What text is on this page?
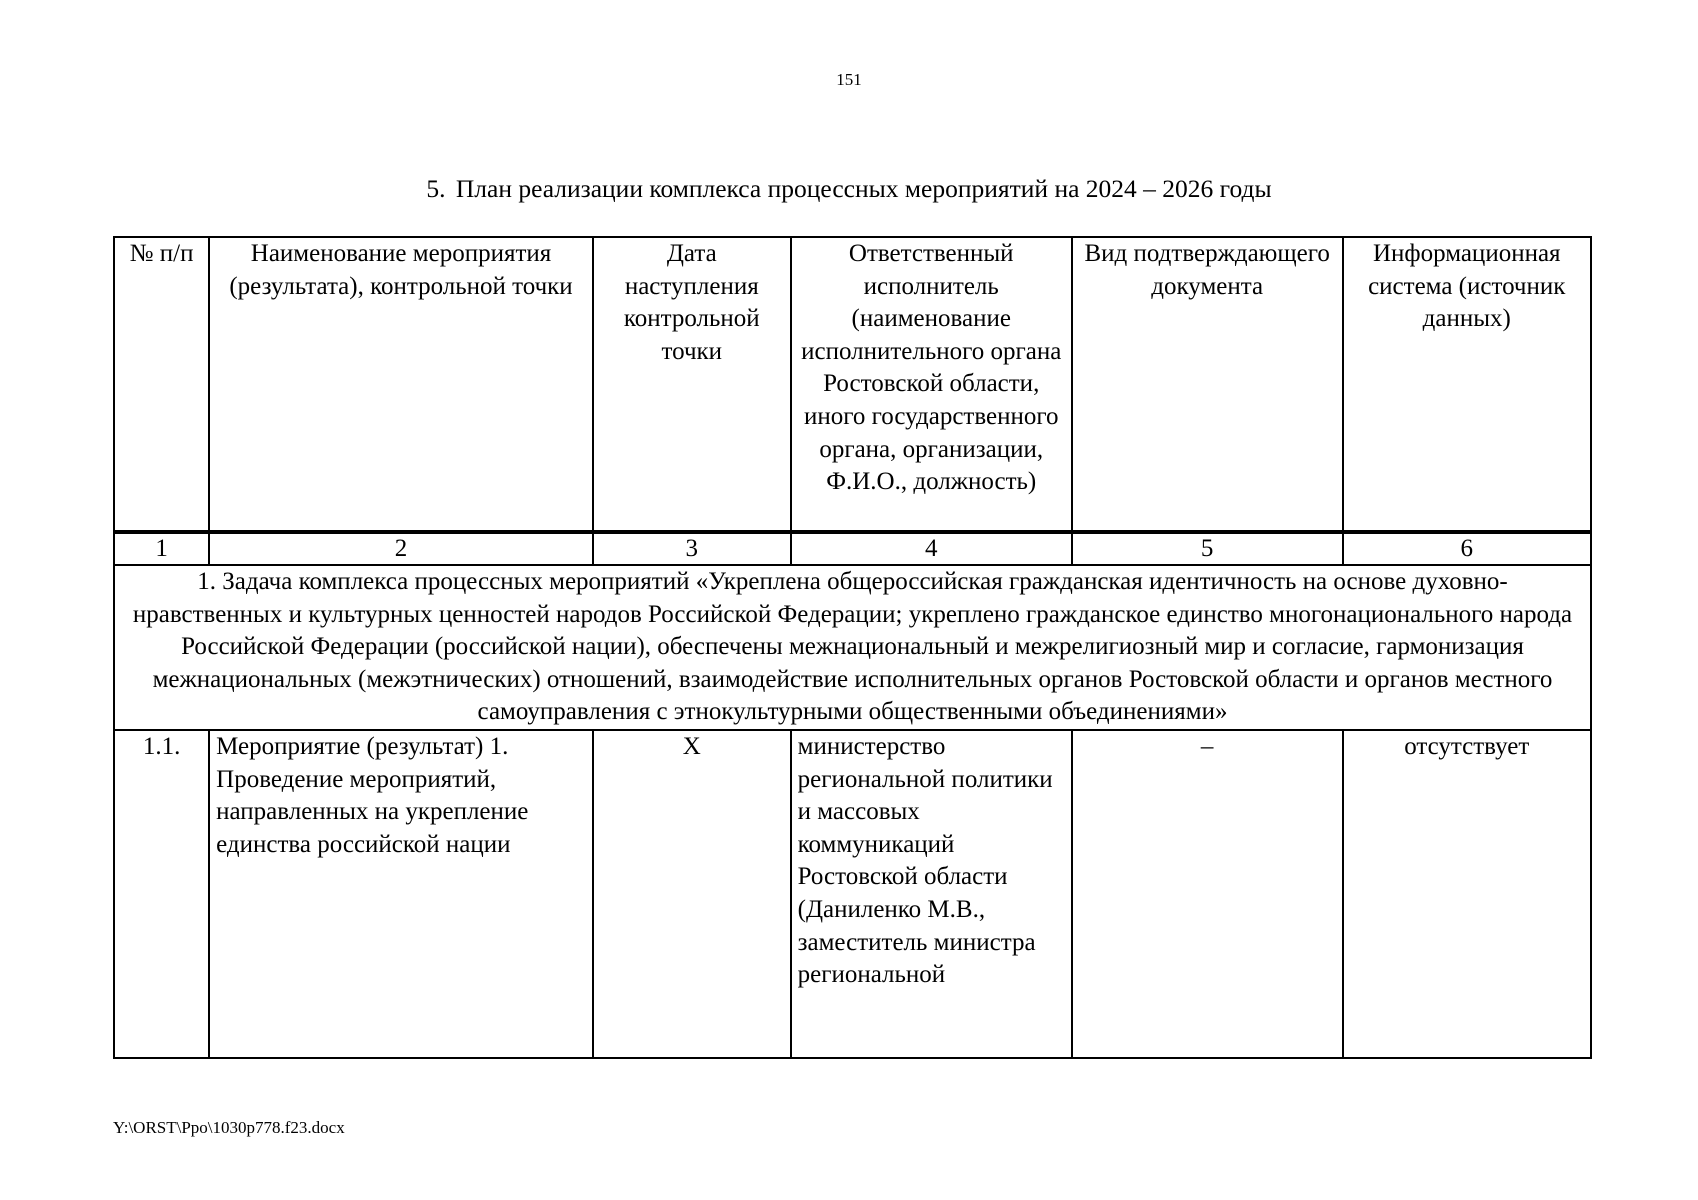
151
5. План реализации комплекса процессных мероприятий на 2024 – 2026 годы
№ п/п	Наименование мероприятия (результата), контрольной точки	Дата наступления контрольной точки	Ответственный исполнитель (наименование исполнительного органа Ростовской области, иного государственного органа, организации, Ф.И.О., должность)	Вид подтверждающего документа	Информационная система (источник данных)
1	2	3	4	5	6
1. Задача комплекса процессных мероприятий «Укреплена общероссийская гражданская идентичность на основе духовно-нравственных и культурных ценностей народов Российской Федерации; укреплено гражданское единство многонационального народа Российской Федерации (российской нации), обеспечены межнациональный и межрелигиозный мир и согласие, гармонизация межнациональных (межэтнических) отношений, взаимодействие исполнительных органов Ростовской области и органов местного самоуправления с этнокультурными общественными объединениями»					
1.1.	Мероприятие (результат) 1. Проведение мероприятий, направленных на укрепление единства российской нации	X	министерство региональной политики и массовых коммуникаций Ростовской области (Даниленко М.В., заместитель министра региональной	–	отсутствует
Y:\ORST\Ppo\1030p778.f23.docx
